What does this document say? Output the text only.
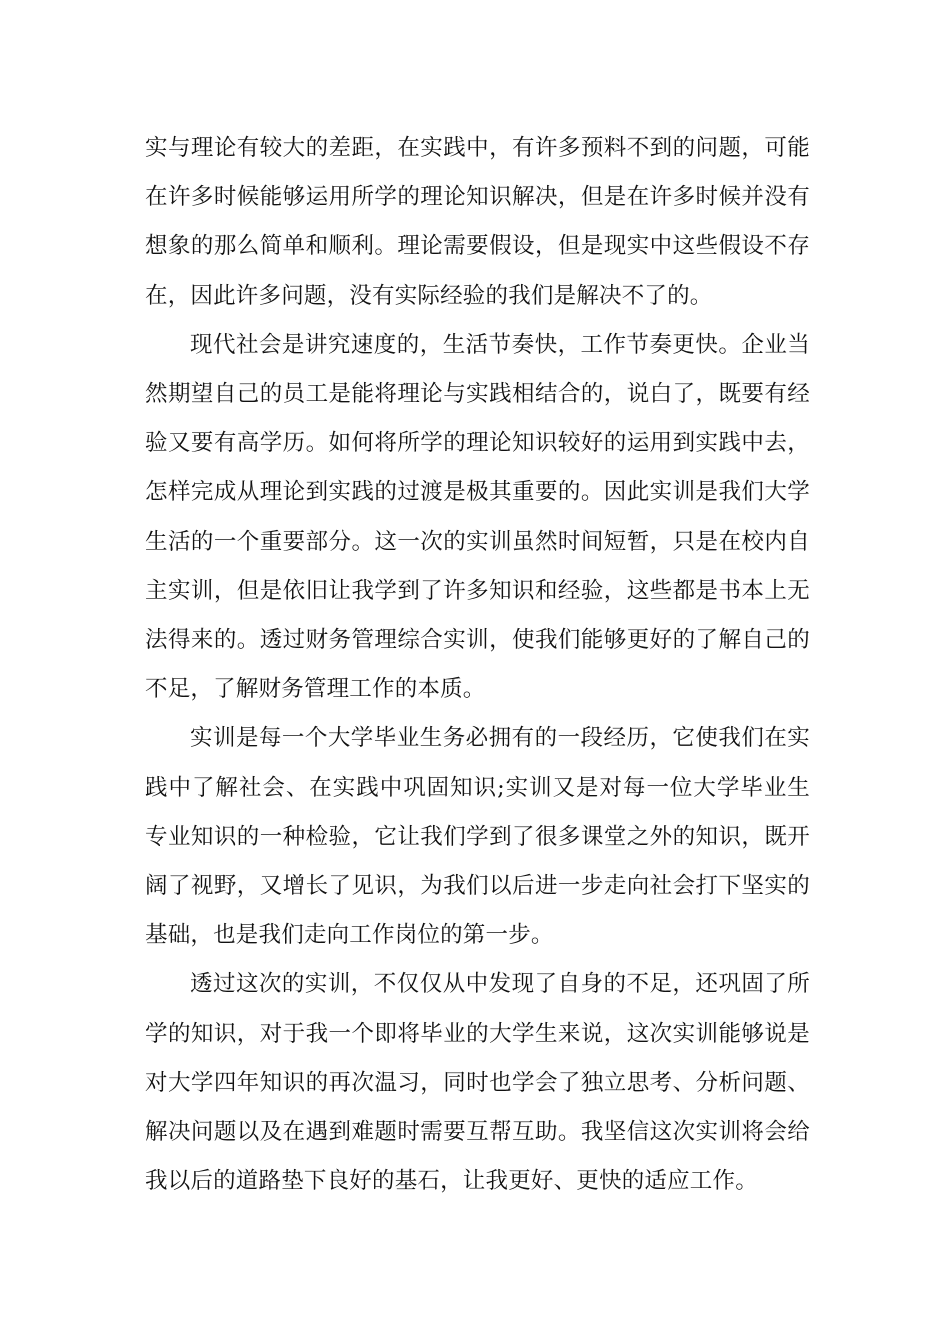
实与理论有较大的差距，在实践中，有许多预料不到的问题，可能在许多时候能够运用所学的理论知识解决，但是在许多时候并没有想象的那么简单和顺利。理论需要假设，但是现实中这些假设不存在，因此许多问题，没有实际经验的我们是解决不了的。

现代社会是讲究速度的，生活节奏快，工作节奏更快。企业当然期望自己的员工是能将理论与实践相结合的，说白了，既要有经验又要有高学历。如何将所学的理论知识较好的运用到实践中去，怎样完成从理论到实践的过渡是极其重要的。因此实训是我们大学生活的一个重要部分。这一次的实训虽然时间短暂，只是在校内自主实训，但是依旧让我学到了许多知识和经验，这些都是书本上无法得来的。透过财务管理综合实训，使我们能够更好的了解自己的不足，了解财务管理工作的本质。

实训是每一个大学毕业生务必拥有的一段经历，它使我们在实践中了解社会、在实践中巩固知识;实训又是对每一位大学毕业生专业知识的一种检验，它让我们学到了很多课堂之外的知识，既开阔了视野，又增长了见识，为我们以后进一步走向社会打下坚实的基础，也是我们走向工作岗位的第一步。

透过这次的实训，不仅仅从中发现了自身的不足，还巩固了所学的知识，对于我一个即将毕业的大学生来说，这次实训能够说是对大学四年知识的再次温习，同时也学会了独立思考、分析问题、解决问题以及在遇到难题时需要互帮互助。我坚信这次实训将会给我以后的道路垫下良好的基石，让我更好、更快的适应工作。
